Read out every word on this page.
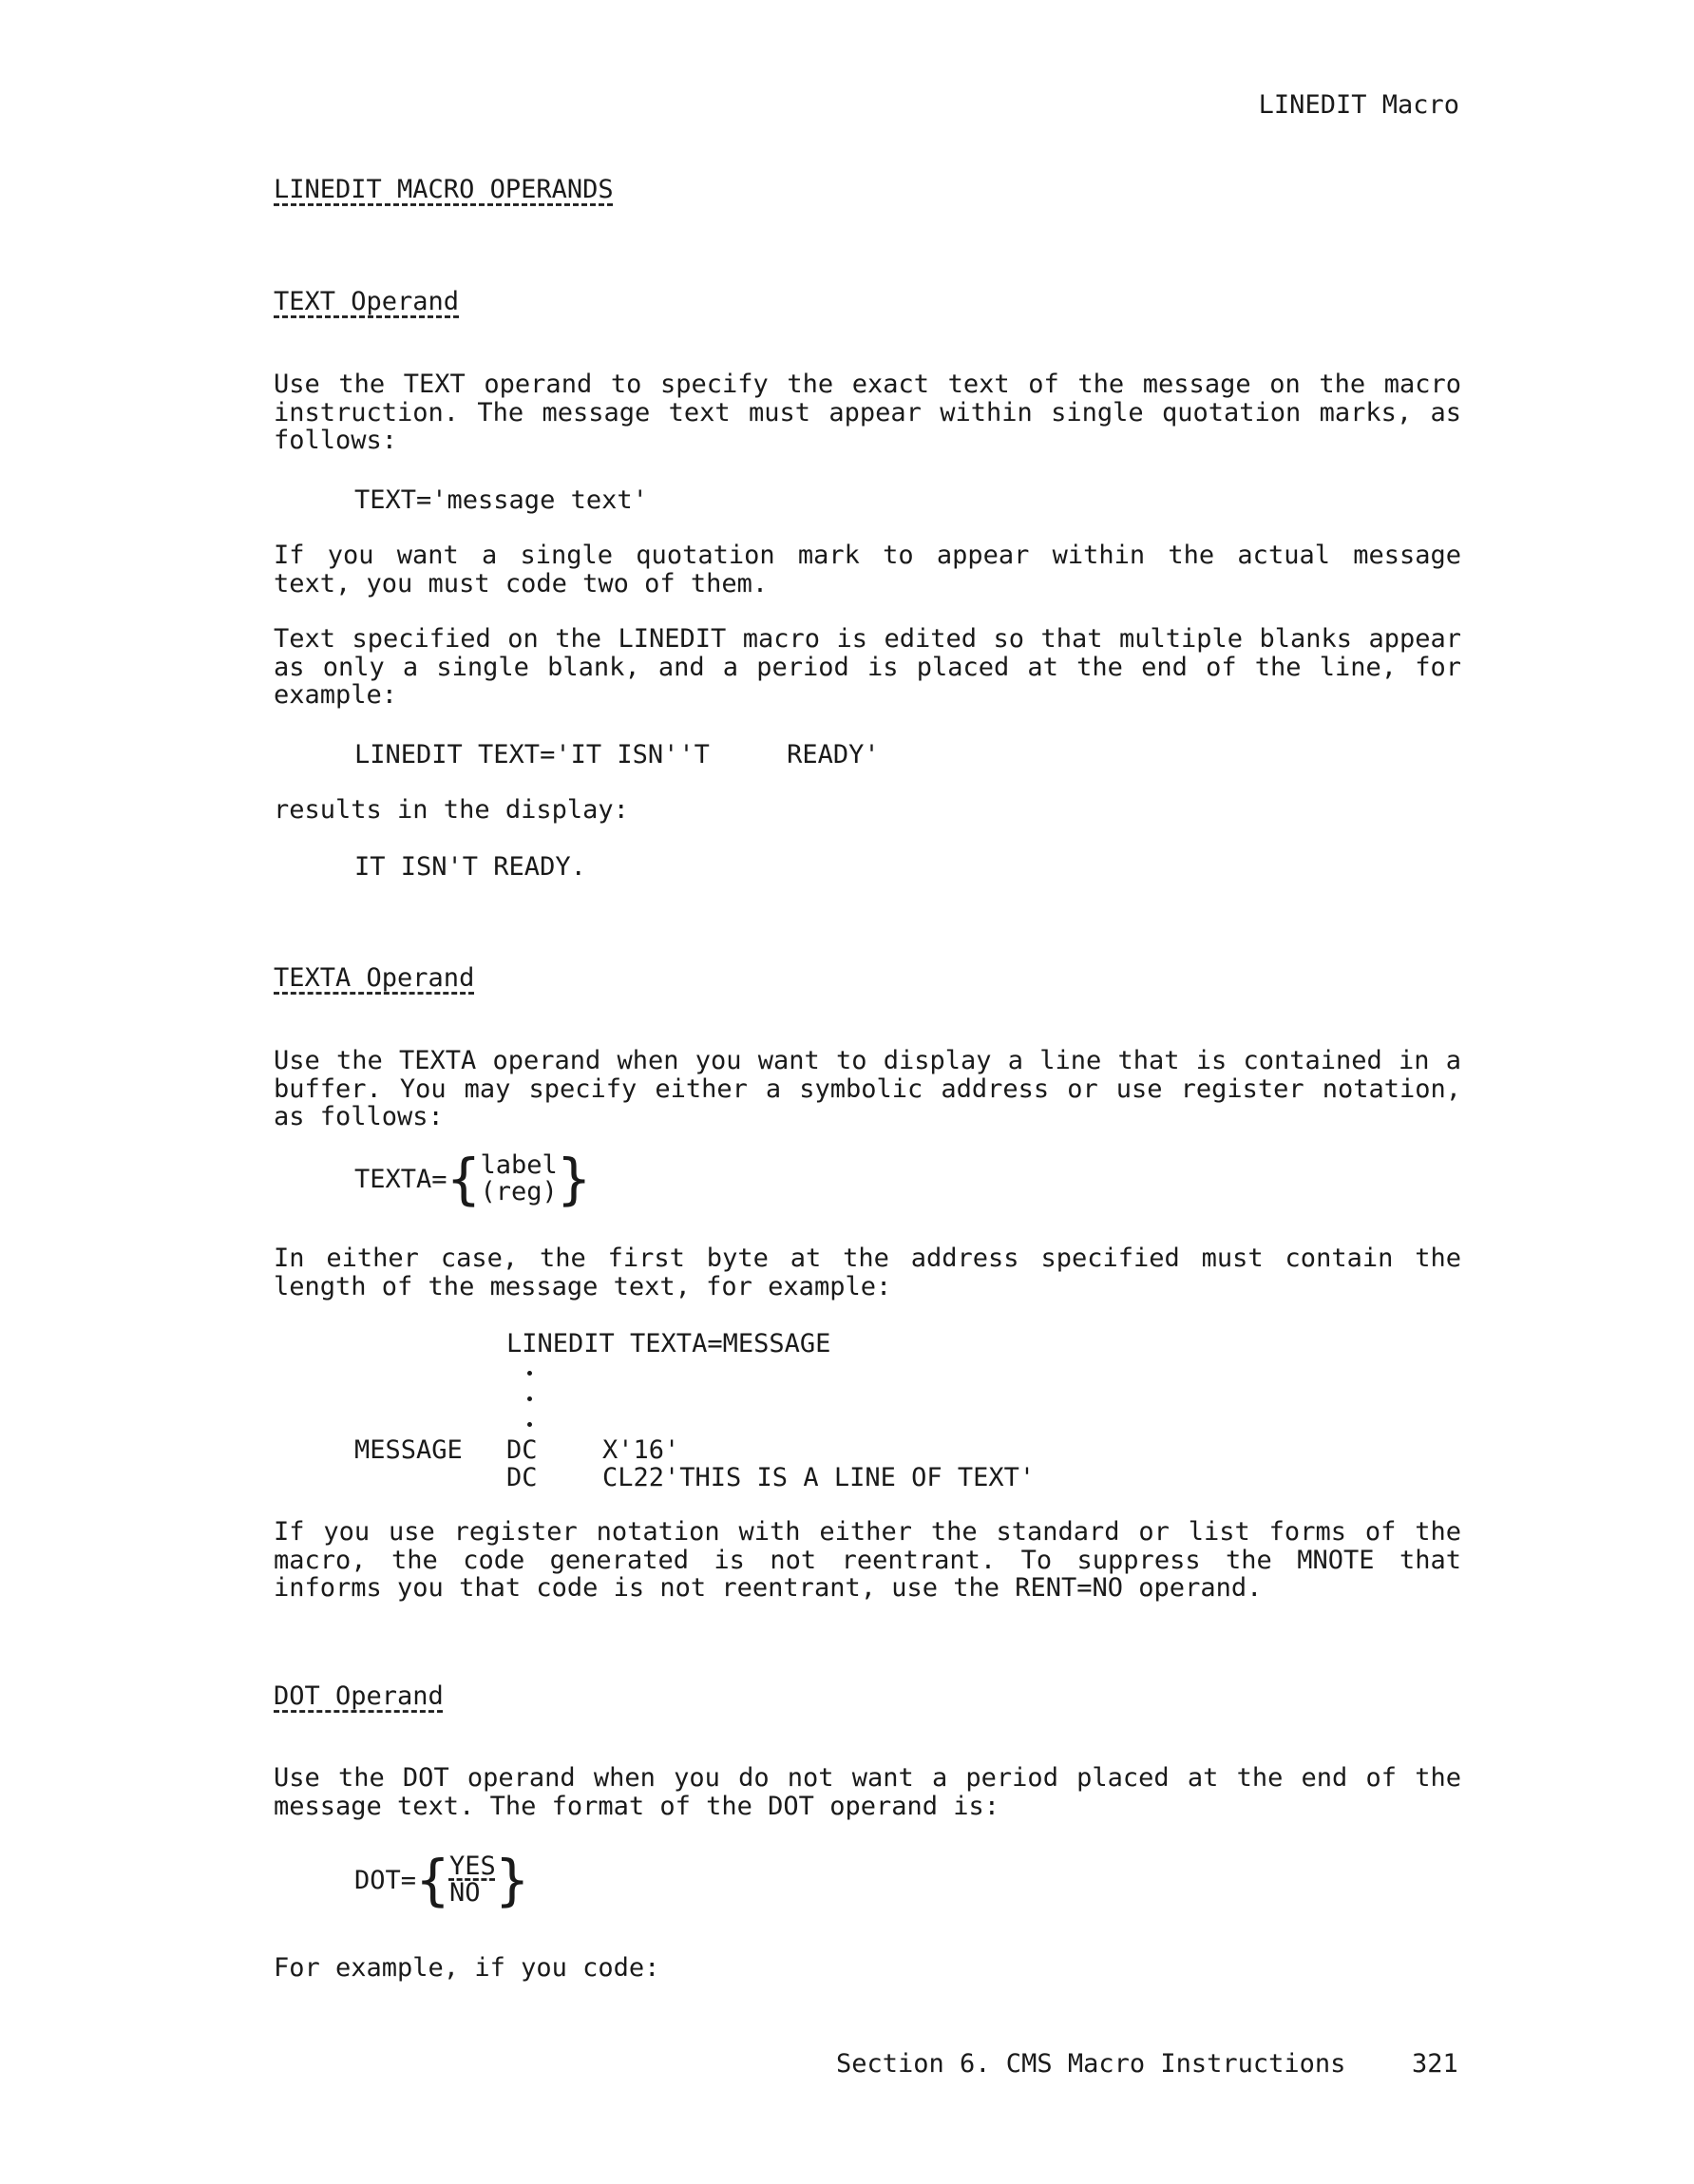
LINEDIT Macro
LINEDIT MACRO OPERANDS
TEXT Operand
Use the TEXT operand to specify the exact text of the message on the macro instruction. The message text must appear within single quotation marks, as follows:
TEXT='message text'
If you want a single quotation mark to appear within the actual message text, you must code two of them.
Text specified on the LINEDIT macro is edited so that multiple blanks appear as only a single blank, and a period is placed at the end of the line, for example:
LINEDIT TEXT='IT ISN''T     READY'
results in the display:
IT ISN'T READY.
TEXTA Operand
Use the TEXTA operand when you want to display a line that is contained in a buffer. You may specify either a symbolic address or use register notation, as follows:
TEXTA= { label
(reg) }
In either case, the first byte at the address specified must contain the length of the message text, for example:
LINEDIT TEXTA=MESSAGE
MESSAGE DC	X'16'
DC	CL22'THIS IS A LINE OF TEXT'
If you use register notation with either the standard or list forms of the macro, the code generated is not reentrant. To suppress the MNOTE that informs you that code is not reentrant, use the RENT=NO operand.
DOT Operand
Use the DOT operand when you do not want a period placed at the end of the message text. The format of the DOT operand is:
DOT= { YES
NO }
For example, if you code:
Section 6. CMS Macro Instructions	321
